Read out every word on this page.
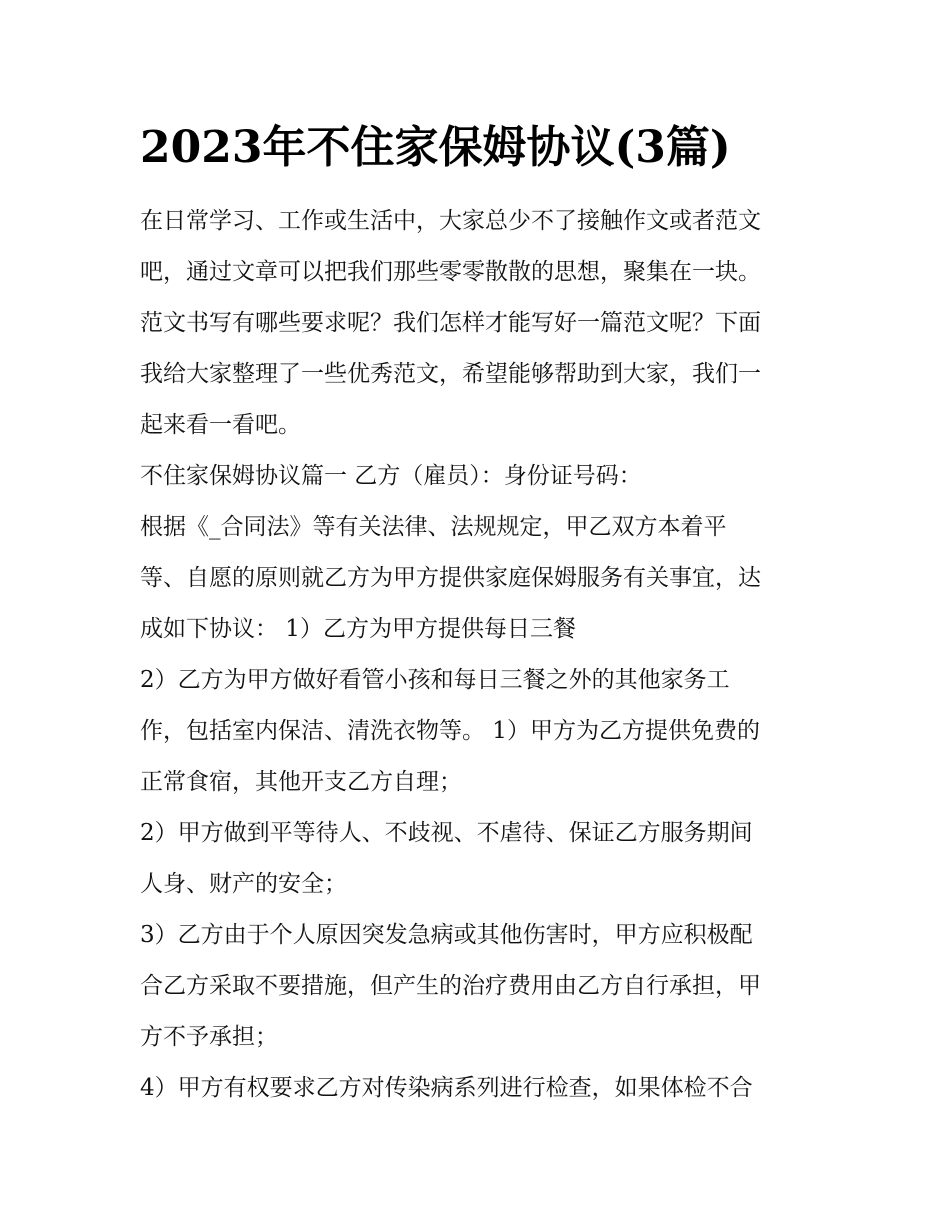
2023年不住家保姆协议(3篇)

在日常学习、工作或生活中，大家总少不了接触作文或者范文

吧，通过文章可以把我们那些零零散散的思想，聚集在一块。

范文书写有哪些要求呢？我们怎样才能写好一篇范文呢？下面

我给大家整理了一些优秀范文，希望能够帮助到大家，我们一

起来看一看吧。

不住家保姆协议篇一 乙方（雇员）：身份证号码：

根据《_合同法》等有关法律、法规规定，甲乙双方本着平

等、自愿的原则就乙方为甲方提供家庭保姆服务有关事宜，达

成如下协议： 1）乙方为甲方提供每日三餐

2）乙方为甲方做好看管小孩和每日三餐之外的其他家务工

作，包括室内保洁、清洗衣物等。 1）甲方为乙方提供免费的

正常食宿，其他开支乙方自理；

2）甲方做到平等待人、不歧视、不虐待、保证乙方服务期间

人身、财产的安全；

3）乙方由于个人原因突发急病或其他伤害时，甲方应积极配

合乙方采取不要措施，但产生的治疗费用由乙方自行承担，甲

方不予承担；

4）甲方有权要求乙方对传染病系列进行检查，如果体检不合
